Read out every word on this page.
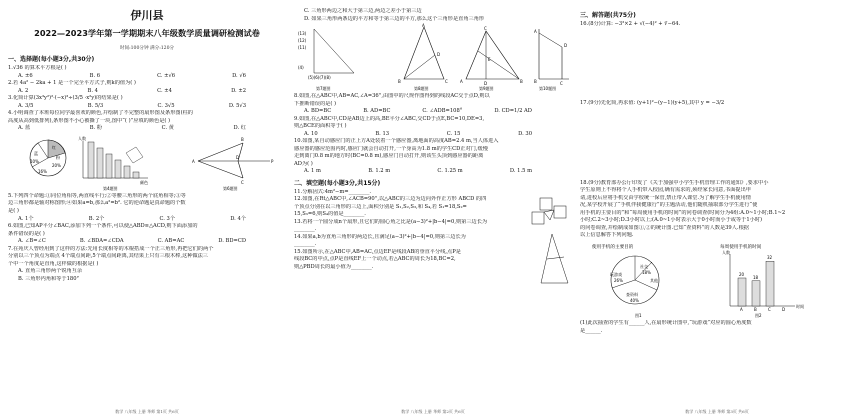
伊川县
2022—2023学年第一学期期末八年级数学质量调研检测试卷
时间:100分钟 满分:120分
一、选择题(每小题3分,共30分)
1.√36 的算术平方根是( )
A. ±6	B. 6	C. ±√6	D. √6
2.若 4a² − 2ka + 1 是一个完全平方式子,则k的值为( )
A. 2	B. 4	C. ±4	D. ±2
3.化简计算(3x³y²)²·(−x)³÷(3/5 ·x²y)的结果是( )
A. 3/5	B. 5/3	C. 3√5	D. 5√3
4.小明调查了本班每位同学最喜欢的颜色,并绘制了不完整的扇形图及条形图(柱的
高度从高到低排列),条形图不小心被撕了一块,图中“( )”应填的颜色是( )
A. 蓝	B. 粉	C. 黄	D. 红
红
蓝
10%
20%
16%
粉
人数
颜色
A
B
C
D
P
第4题图	第6题图
5.下列四个命题:①同位角相等,两直线平行;②等腰三角形的两个底角相等;③等
边三角形都是轴对称图形;④如果a=b,那么a²=b². 它的逆命题是真命题的个数
是( )
A. 1个	B. 2个	C. 3个	D. 4个
6.如图,已知AP平分∠BAC,添加下列一个条件,可以使△ABD≌△ACD,则下面添加的
条件错误的是( )
A. ∠B=∠C	B. ∠BDA=∠CDA	C. AB=AC	D. BD=CD
7.在苑庆人曾经用到了这样的方法:先用长度相等的木棍搭成一个正三角形,再把它们的两个
分别以三个顶点为端点 4个端点间距,5个端点间距离,其结果上只有三根木棒,这种做法三
个中一个角度是直角,这样做的根据是( )
A. 直角三角形两个锐角互余
B. 三角形内角和等于180°
数学 八年级 上册 华师 第1页 共6页
C. 三角形两边之和大于第三边,两边之差小于第三边
D. 如果三角形两条边的平方和等于第三边的平方,那么这个三角形是直角三角形
(13)
(12)
(11)
(4)
(5)(6)(7)(8)
A
B	C
D
C
A	B
D
E
A
B	C
D
第7题图	第8题图	第9题图	第10题图
8.如图,在△ABC中,AB=AC,∠A=36°,由图中的尺规作图得到的线段AC交于点D,则以
下推断错误的是( )
A. BD=BC	B. AD=BC	C. ∠ADB=108°	D. CD=1/2 AD
9.如图,在△ABC中,CD是AB边上的高,BE平分∠ABC,交CD于点E,BC=10,DE=3,
则△BCE的面积等于( )
A. 10	B. 13	C. 15	D. 30
10.如图,某自动感应门的正上方A处装着一个感应器,离地面的高度AB=2.4 m,当人体进入
感应器的感应范围内时,感应门就会自动打开,一个身高为1.8 m的学生CD正对门,缓慢
走到离门0.8 m的地方时(BC=0.8 m),感应门自动打开,则该生头顶到感应器的距离
AD为( )
A. 1 m	B. 1.2 m	C. 1.25 m	D. 1.5 m
二、填空题(每小题3分,共15分)
11.分解因式:4m²−m=________.
12.如图,在Rt△ABC中,∠ACB=90°,以△ABC的三边为边向外作正方形 ABCD 的四
个顶点分别在以三角形的三边上,面积分别是 S₁,S₂,S₃,和 S₄,若 S₁=18,S₂=
15,S₃=6,则S₄的值是________.
13.若将一个圆分成n个扇形,且它们的圆心角之比是(a−3)²+|b−4|=0,则第三边长为
________.
14.如果a,b为直角三角形的两边长,且满足(a−3)²+|b−4|=0,则第三边长为
________.
15.如图所示,在△ABC中,AB=AC,点边EF是线段AB的垂直平分线,点P是
线段BC的中点,点P是直线EF上一个动点,若△ABC的周长为18,BC=2,
则△PBD周长的最小值为________.
数学 八年级 上册 华师 第2页 共6页
三、解答题(共75分)
16.(8分)计算: −3²×2 + √(−4)² + ∛−64.
17.(9分)先化简,再求值: (y+1)²−(y−1)(y+5),其中 y = −3/2
18.(9分)教育部办公厅印发了《关于加强中小学生手机管理工作的通知》,要求中小
学生原则上不得将个人手机带入校园,确有需求的,须经家长同意,书面提出申
请,进校后应将手机交由学校统一保管,禁止带入课堂.为了解学生手机使用情
况,某学校开展了“手机伴我健康行”的主题活动,他们随机抽取部分学生进行“使
用手机的主要目的”和“每周使用手机的时间”的问卷调查(时间分为4组:A.0~1小时;B.1~2
小时;C.2~3小时;D.3小时以上;(A.0~1小时表示大于0小时而小于或等于1小时)
的问卷调查,并绘制成如图①,②的统计图.已知“查资料”的人数是39人.根据
以上信息解答下列问题.
使用手机的主要目的	每周使用手机的时间
玩游戏
社交
查资料
40%
26%
18%
其他
人数
时间
20
A
18
B
32
C	D
图1	图2
(1)此次抽查的学生有______人,在扇形统计图中,“玩游戏”对应的圆心角度数
是______.
数学 八年级 上册 华师 第3页 共6页
